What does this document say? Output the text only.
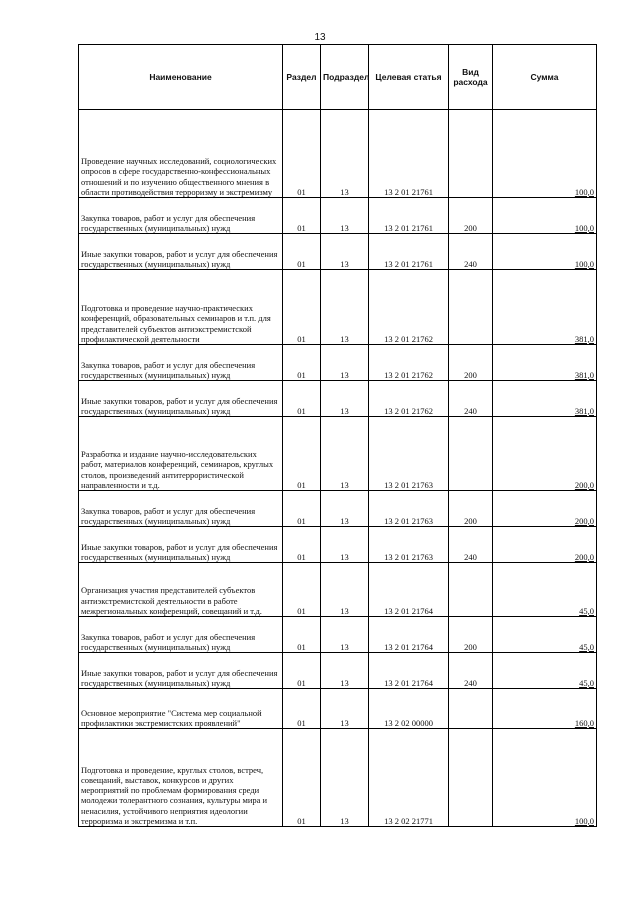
13
Наименование	Раздел	Подраздел	Целевая статья	Вид расхода	Сумма
Проведение научных исследований, социологических опросов в сфере государственно-конфессиональных отношений и по изучению общественного мнения в области противодействия терроризму и экстремизму	01	13	13 2 01 21761		100,0
Закупка товаров, работ и услуг для обеспечения государственных (муниципальных) нужд	01	13	13 2 01 21761	200	100,0
Иные закупки товаров, работ и услуг для обеспечения государственных (муниципальных) нужд	01	13	13 2 01 21761	240	100,0
Подготовка и проведение научно-практических конференций, образовательных семинаров и т.п. для представителей субъектов антиэкстремистской профилактической деятельности	01	13	13 2 01 21762		381,0
Закупка товаров, работ и услуг для обеспечения государственных (муниципальных) нужд	01	13	13 2 01 21762	200	381,0
Иные закупки товаров, работ и услуг для обеспечения государственных (муниципальных) нужд	01	13	13 2 01 21762	240	381,0
Разработка и издание научно-исследовательских работ, материалов конференций, семинаров, круглых столов, произведений антитеррористической направленности и т.д.	01	13	13 2 01 21763		200,0
Закупка товаров, работ и услуг для обеспечения государственных (муниципальных) нужд	01	13	13 2 01 21763	200	200,0
Иные закупки товаров, работ и услуг для обеспечения государственных (муниципальных) нужд	01	13	13 2 01 21763	240	200,0
Организация участия представителей субъектов антиэкстремистской деятельности в работе межрегиональных конференций, совещаний и т.д.	01	13	13 2 01 21764		45,0
Закупка товаров, работ и услуг для обеспечения государственных (муниципальных) нужд	01	13	13 2 01 21764	200	45,0
Иные закупки товаров, работ и услуг для обеспечения государственных (муниципальных) нужд	01	13	13 2 01 21764	240	45,0
Основное мероприятие "Система мер социальной профилактики экстремистских проявлений"	01	13	13 2 02 00000		160,0
Подготовка и проведение, круглых столов, встреч, совещаний, выставок, конкурсов и других мероприятий по проблемам формирования среди молодежи толерантного сознания, культуры мира и ненасилия, устойчивого неприятия идеологии терроризма и экстремизма и т.п.	01	13	13 2 02 21771		100,0
